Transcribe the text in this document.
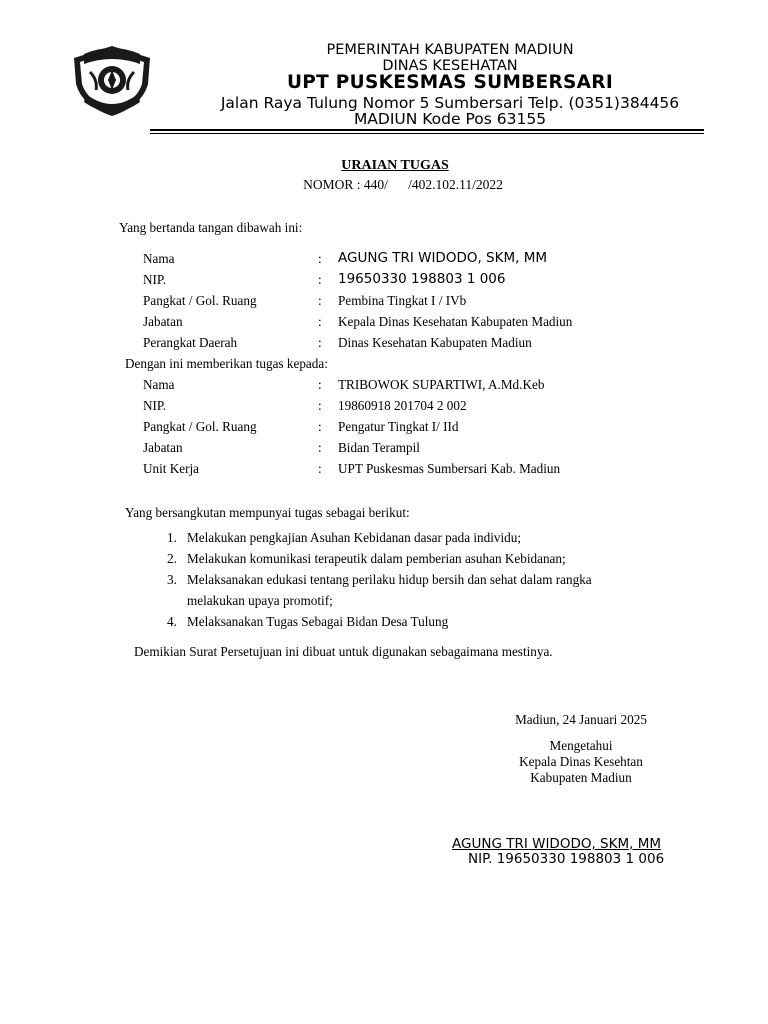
PEMERINTAH KABUPATEN MADIUN
DINAS KESEHATAN
UPT PUSKESMAS SUMBERSARI
Jalan Raya Tulung Nomor 5 Sumbersari Telp. (0351)384456
MADIUN Kode Pos 63155
URAIAN TUGAS
NOMOR : 440/      /402.102.11/2022
Yang bertanda tangan dibawah ini:
Nama	: AGUNG TRI WIDODO, SKM, MM
NIP.	: 19650330 198803 1 006
Pangkat / Gol. Ruang	: Pembina Tingkat I / IVb
Jabatan	: Kepala Dinas Kesehatan Kabupaten Madiun
Perangkat Daerah	: Dinas Kesehatan Kabupaten Madiun
Dengan ini memberikan tugas kepada:
Nama	: TRIBOWOK SUPARTIWI, A.Md.Keb
NIP.	: 19860918 201704 2 002
Pangkat / Gol. Ruang	: Pengatur Tingkat I/ IId
Jabatan	: Bidan Terampil
Unit Kerja	: UPT Puskesmas Sumbersari Kab. Madiun
Yang bersangkutan mempunyai tugas sebagai berikut:
1. Melakukan pengkajian Asuhan Kebidanan dasar pada individu;
2. Melakukan komunikasi terapeutik dalam pemberian asuhan Kebidanan;
3. Melaksanakan edukasi tentang perilaku hidup bersih dan sehat dalam rangka
melakukan upaya promotif;
4. Melaksanakan Tugas Sebagai Bidan Desa Tulung
Demikian Surat Persetujuan ini dibuat untuk digunakan sebagaimana mestinya.
Madiun, 24 Januari 2025
Mengetahui
Kepala Dinas Kesehtan
Kabupaten Madiun
AGUNG TRI WIDODO, SKM, MM
NIP. 19650330 198803 1 006
